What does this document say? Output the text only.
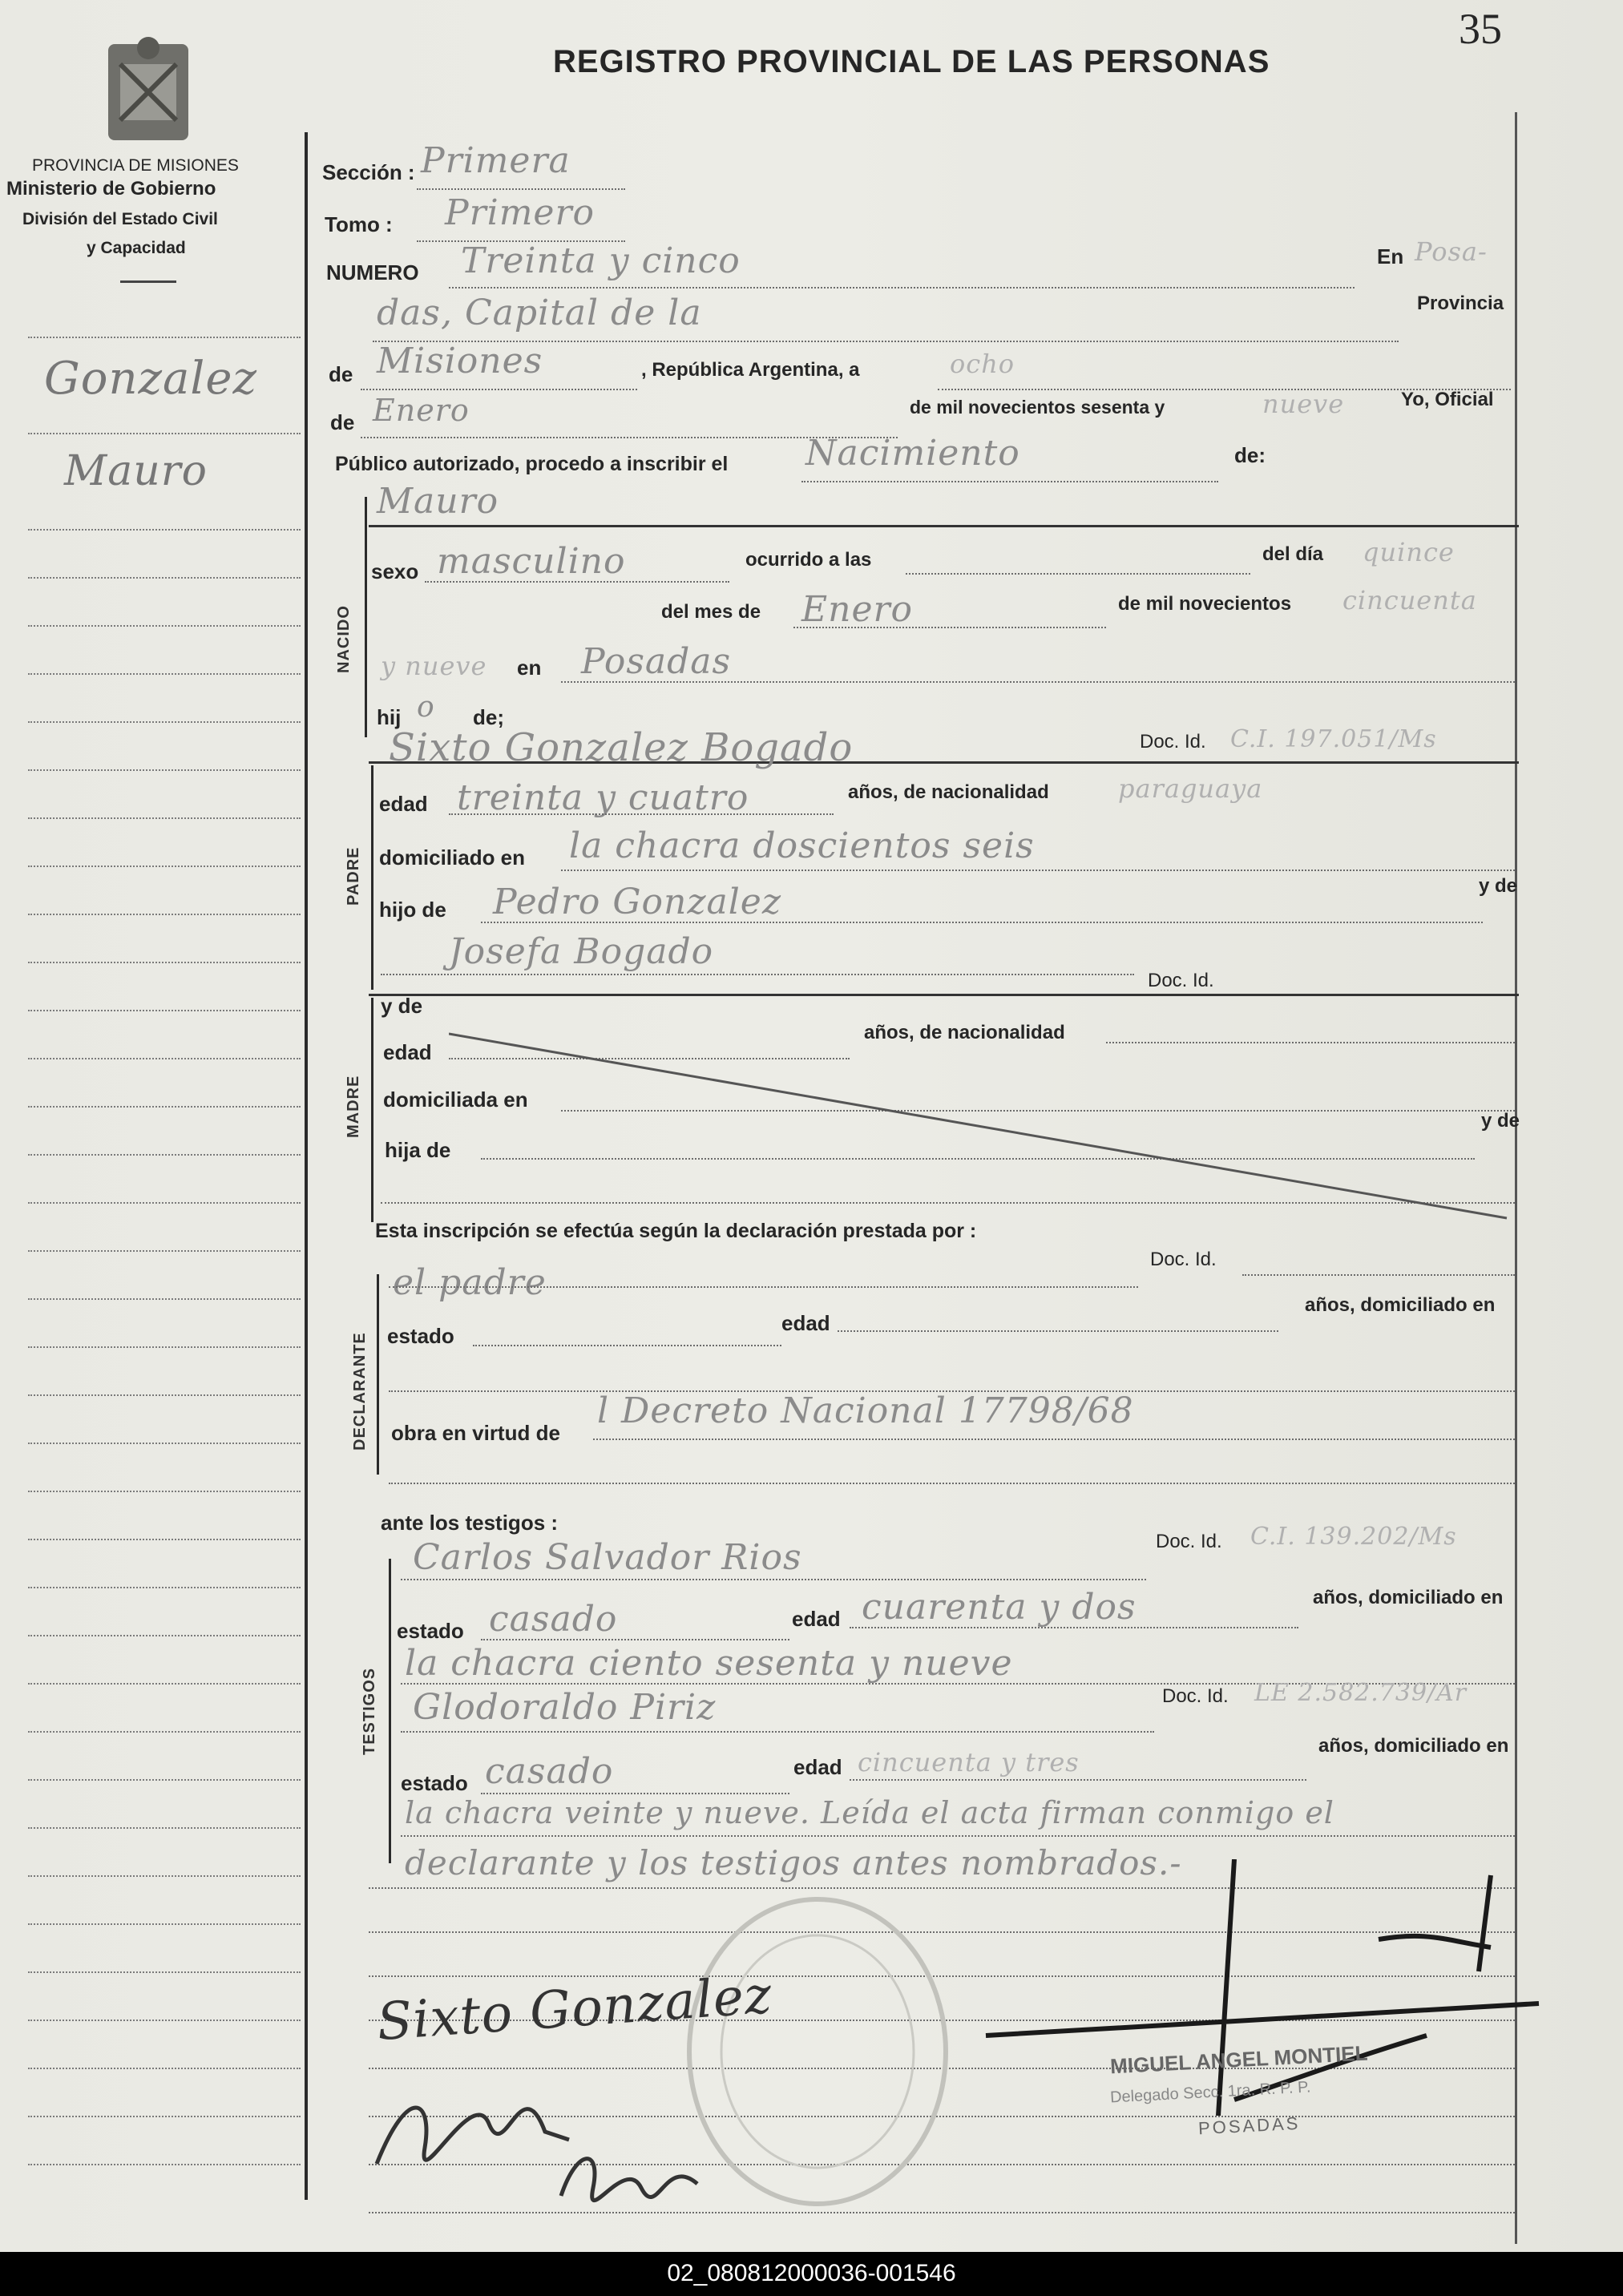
PROVINCIA DE MISIONES
Ministerio de Gobierno
División del Estado Civil
y Capacidad
REGISTRO PROVINCIAL DE LAS PERSONAS
35
Gonzalez
Mauro
Sección : Primera
Tomo : Primero
NUMERO Treinta y cinco	En Posa-
das, Capital de la	Provincia
de Misiones	, República Argentina, a	ocho
de Enero	de mil novecientos sesenta y	nueve	Yo, Oficial
Público autorizado, procedo a inscribir el Nacimiento	de:
NACIDO
Mauro
sexo masculino	ocurrido a las	del día quince
del mes de Enero	de mil novecientos cincuenta
y nueve en Posadas
hij o de;
PADRE
Sixto Gonzalez Bogado	Doc. Id. C.I. 197.051/Ms
edad treinta y cuatro	años, de nacionalidad	paraguaya
domiciliado en la chacra doscientos seis
hijo de Pedro Gonzalez	y de
Josefa Bogado
Doc. Id.
MADRE
y de
edad
años, de nacionalidad
domiciliada en
hija de
y de
Esta inscripción se efectúa según la declaración prestada por :
DECLARANTE
el padre
Doc. Id.
estado
edad
años, domiciliado en
obra en virtud de
l Decreto Nacional 17798/68
ante los testigos :
TESTIGOS
Carlos Salvador Rios	Doc. Id. C.I. 139.202/Ms
estado casado	edad cuarenta y dos	años, domiciliado en
la chacra ciento sesenta y nueve
Glodoraldo Piriz	Doc. Id. LE 2.582.739/Ar
estado casado	edad cincuenta y tres
años, domiciliado en
la chacra veinte y nueve. Leída el acta firman conmigo el
declarante y los testigos antes nombrados.-
Sixto Gonzalez
MIGUEL ANGEL MONTIEL
Delegado Secc. 1ra. R. P. P.
POSADAS
02_080812000036-001546
